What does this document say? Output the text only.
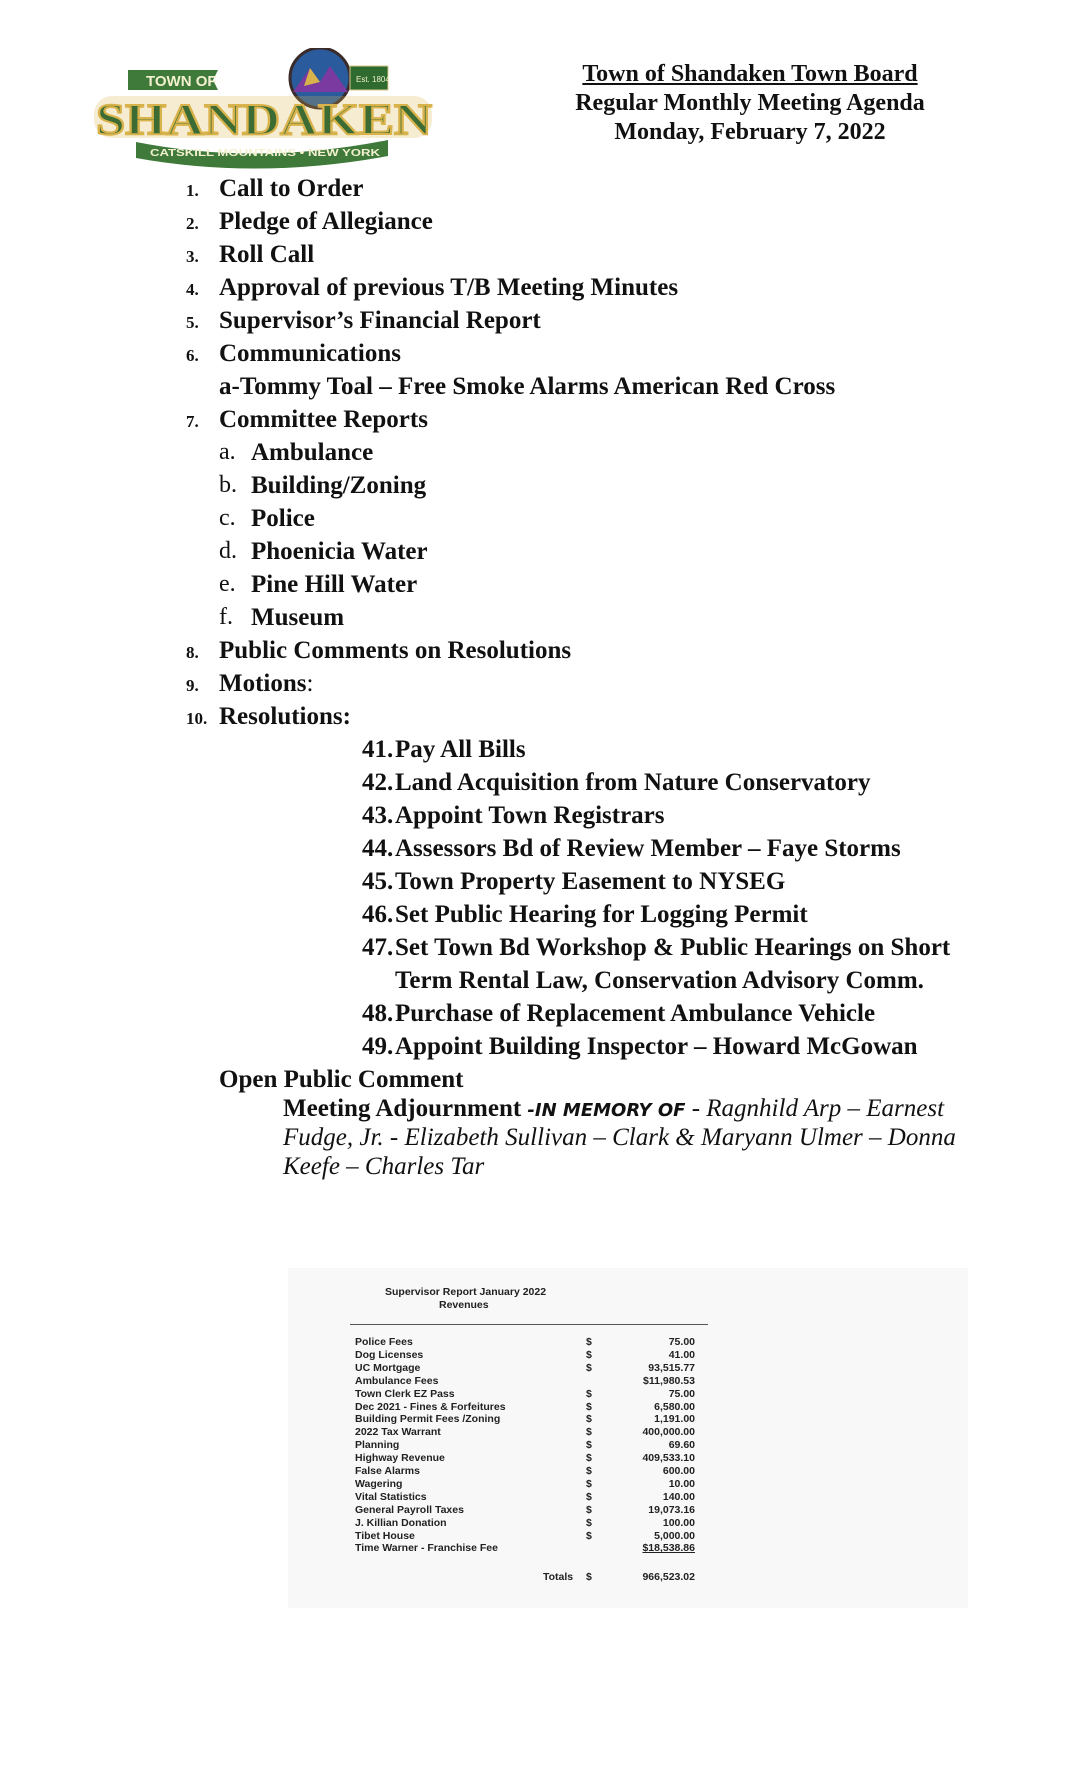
TOWN OF	Est. 1804
SHANDAKEN
CATSKILL MOUNTAINS • NEW YORK
Town of Shandaken Town Board
Regular Monthly Meeting Agenda
Monday, February 7, 2022
1. Call to Order
2. Pledge of Allegiance
3. Roll Call
4. Approval of previous T/B Meeting Minutes
5. Supervisor’s Financial Report
6. Communications
a-Tommy Toal – Free Smoke Alarms American Red Cross
7. Committee Reports
a. Ambulance
b. Building/Zoning
c. Police
d. Phoenicia Water
e. Pine Hill Water
f. Museum
8. Public Comments on Resolutions
9. Motions:
10. Resolutions:
41.Pay All Bills
42.Land Acquisition from Nature Conservatory
43.Appoint Town Registrars
44.Assessors Bd of Review Member – Faye Storms
45.Town Property Easement to NYSEG
46.Set Public Hearing for Logging Permit
47.Set Town Bd Workshop & Public Hearings on Short
Term Rental Law, Conservation Advisory Comm.
48.Purchase of Replacement Ambulance Vehicle
49.Appoint Building Inspector – Howard McGowan
Open Public Comment
Meeting Adjournment -IN MEMORY OF - Ragnhild Arp – Earnest
Fudge, Jr. - Elizabeth Sullivan – Clark & Maryann Ulmer – Donna
Keefe – Charles Tar
Supervisor Report January 2022
Revenues
Police Fees	$	75.00
Dog Licenses	$	41.00
UC Mortgage	$	93,515.77
Ambulance Fees	$11,980.53
Town Clerk EZ Pass	$	75.00
Dec 2021 - Fines & Forfeitures	$	6,580.00
Building Permit Fees /Zoning	$	1,191.00
2022 Tax Warrant	$	400,000.00
Planning	$	69.60
Highway Revenue	$	409,533.10
False Alarms	$	600.00
Wagering	$	10.00
Vital Statistics	$	140.00
General Payroll Taxes	$	19,073.16
J. Killian Donation	$	100.00
Tibet House	$	5,000.00
Time Warner - Franchise Fee	$18,538.86
Totals $	966,523.02
